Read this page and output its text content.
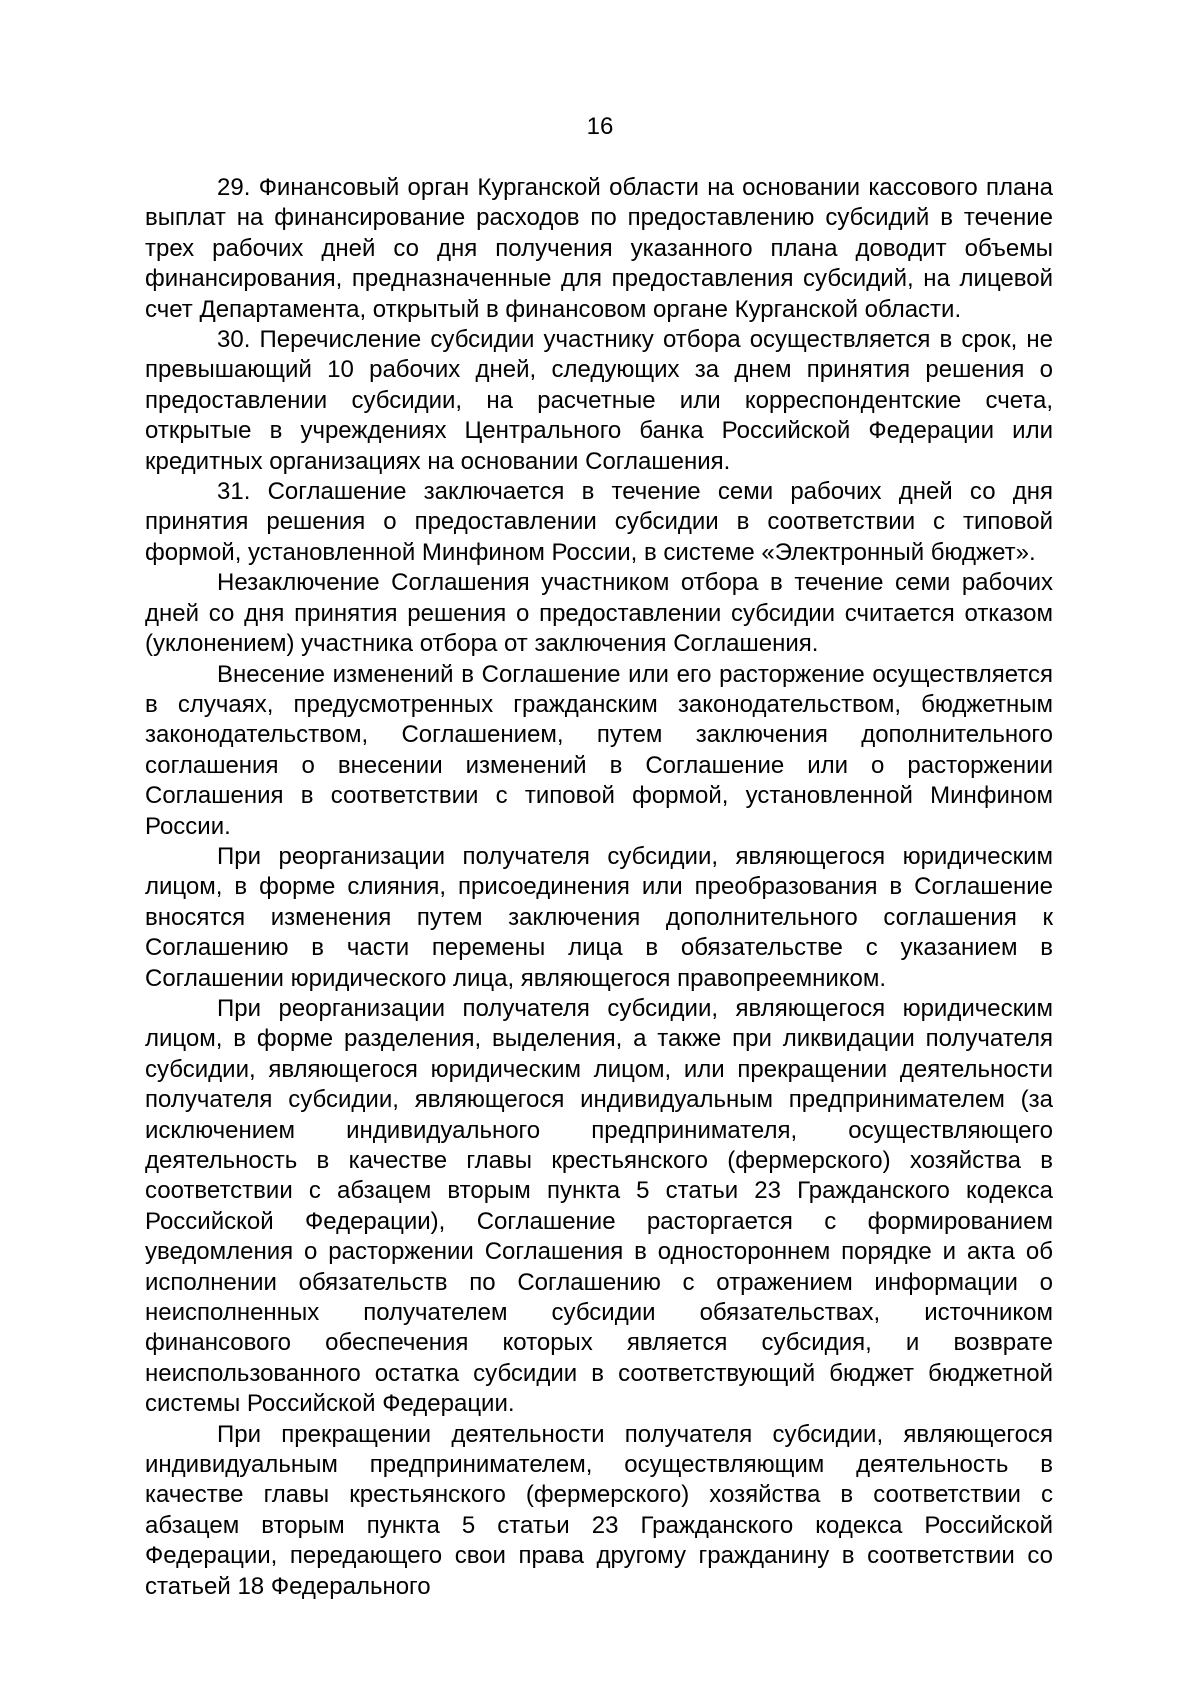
16

29. Финансовый орган Курганской области на основании кассового плана выплат на финансирование расходов по предоставлению субсидий в течение трех рабочих дней со дня получения указанного плана доводит объемы финансирования, предназначенные для предоставления субсидий, на лицевой счет Департамента, открытый в финансовом органе Курганской области.

30. Перечисление субсидии участнику отбора осуществляется в срок, не превышающий 10 рабочих дней, следующих за днем принятия решения о предоставлении субсидии, на расчетные или корреспондентские счета, открытые в учреждениях Центрального банка Российской Федерации или кредитных организациях на основании Соглашения.

31. Соглашение заключается в течение семи рабочих дней со дня принятия решения о предоставлении субсидии в соответствии с типовой формой, установленной Минфином России, в системе «Электронный бюджет».

Незаключение Соглашения участником отбора в течение семи рабочих дней со дня принятия решения о предоставлении субсидии считается отказом (уклонением) участника отбора от заключения Соглашения.

Внесение изменений в Соглашение или его расторжение осуществляется в случаях, предусмотренных гражданским законодательством, бюджетным законодательством, Соглашением, путем заключения дополнительного соглашения о внесении изменений в Соглашение или о расторжении Соглашения в соответствии с типовой формой, установленной Минфином России.

При реорганизации получателя субсидии, являющегося юридическим лицом, в форме слияния, присоединения или преобразования в Соглашение вносятся изменения путем заключения дополнительного соглашения к Соглашению в части перемены лица в обязательстве с указанием в Соглашении юридического лица, являющегося правопреемником.

При реорганизации получателя субсидии, являющегося юридическим лицом, в форме разделения, выделения, а также при ликвидации получателя субсидии, являющегося юридическим лицом, или прекращении деятельности получателя субсидии, являющегося индивидуальным предпринимателем (за исключением индивидуального предпринимателя, осуществляющего деятельность в качестве главы крестьянского (фермерского) хозяйства в соответствии с абзацем вторым пункта 5 статьи 23 Гражданского кодекса Российской Федерации), Соглашение расторгается с формированием уведомления о расторжении Соглашения в одностороннем порядке и акта об исполнении обязательств по Соглашению с отражением информации о неисполненных получателем субсидии обязательствах, источником финансового обеспечения которых является субсидия, и возврате неиспользованного остатка субсидии в соответствующий бюджет бюджетной системы Российской Федерации.

При прекращении деятельности получателя субсидии, являющегося индивидуальным предпринимателем, осуществляющим деятельность в качестве главы крестьянского (фермерского) хозяйства в соответствии с абзацем вторым пункта 5 статьи 23 Гражданского кодекса Российской Федерации, передающего свои права другому гражданину в соответствии со статьей 18 Федерального
